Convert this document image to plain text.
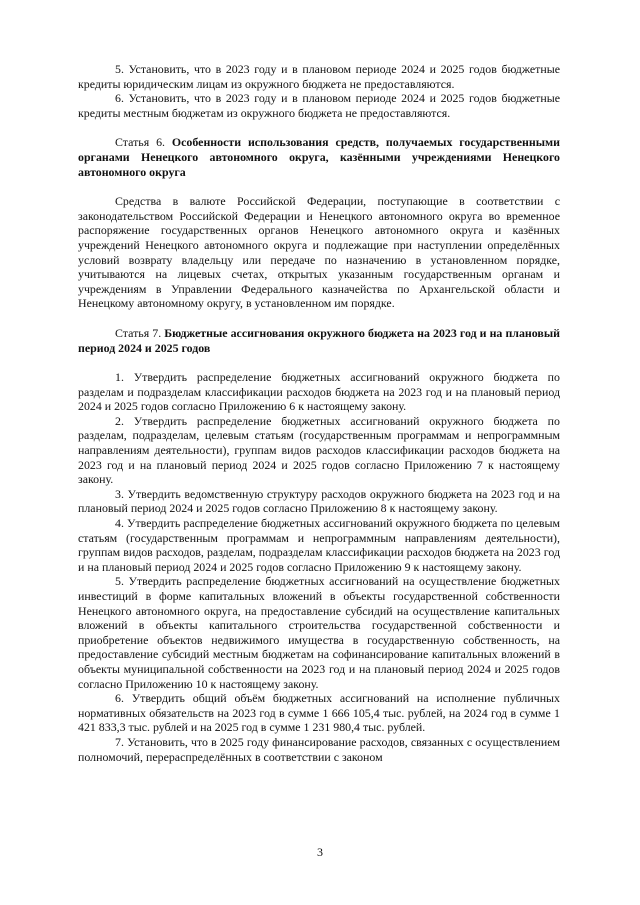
5. Установить, что в 2023 году и в плановом периоде 2024 и 2025 годов бюджетные кредиты юридическим лицам из окружного бюджета не предоставляются.

6. Установить, что в 2023 году и в плановом периоде 2024 и 2025 годов бюджетные кредиты местным бюджетам из окружного бюджета не предоставляются.

Статья 6. Особенности использования средств, получаемых государственными органами Ненецкого автономного округа, казёнными учреждениями Ненецкого автономного округа

Средства в валюте Российской Федерации, поступающие в соответствии с законодательством Российской Федерации и Ненецкого автономного округа во временное распоряжение государственных органов Ненецкого автономного округа и казённых учреждений Ненецкого автономного округа и подлежащие при наступлении определённых условий возврату владельцу или передаче по назначению в установленном порядке, учитываются на лицевых счетах, открытых указанным государственным органам и учреждениям в Управлении Федерального казначейства по Архангельской области и Ненецкому автономному округу, в установленном им порядке.

Статья 7. Бюджетные ассигнования окружного бюджета на 2023 год и на плановый период 2024 и 2025 годов

1. Утвердить распределение бюджетных ассигнований окружного бюджета по разделам и подразделам классификации расходов бюджета на 2023 год и на плановый период 2024 и 2025 годов согласно Приложению 6 к настоящему закону.

2. Утвердить распределение бюджетных ассигнований окружного бюджета по разделам, подразделам, целевым статьям (государственным программам и непрограммным направлениям деятельности), группам видов расходов классификации расходов бюджета на 2023 год и на плановый период 2024 и 2025 годов согласно Приложению 7 к настоящему закону.

3. Утвердить ведомственную структуру расходов окружного бюджета на 2023 год и на плановый период 2024 и 2025 годов согласно Приложению 8 к настоящему закону.

4. Утвердить распределение бюджетных ассигнований окружного бюджета по целевым статьям (государственным программам и непрограммным направлениям деятельности), группам видов расходов, разделам, подразделам классификации расходов бюджета на 2023 год и на плановый период 2024 и 2025 годов согласно Приложению 9 к настоящему закону.

5. Утвердить распределение бюджетных ассигнований на осуществление бюджетных инвестиций в форме капитальных вложений в объекты государственной собственности Ненецкого автономного округа, на предоставление субсидий на осуществление капитальных вложений в объекты капитального строительства государственной собственности и приобретение объектов недвижимого имущества в государственную собственность, на предоставление субсидий местным бюджетам на софинансирование капитальных вложений в объекты муниципальной собственности на 2023 год и на плановый период 2024 и 2025 годов согласно Приложению 10 к настоящему закону.

6. Утвердить общий объём бюджетных ассигнований на исполнение публичных нормативных обязательств на 2023 год в сумме 1 666 105,4 тыс. рублей, на 2024 год в сумме 1 421 833,3 тыс. рублей и на 2025 год в сумме 1 231 980,4 тыс. рублей.

7. Установить, что в 2025 году финансирование расходов, связанных с осуществлением полномочий, перераспределённых в соответствии с законом

3
